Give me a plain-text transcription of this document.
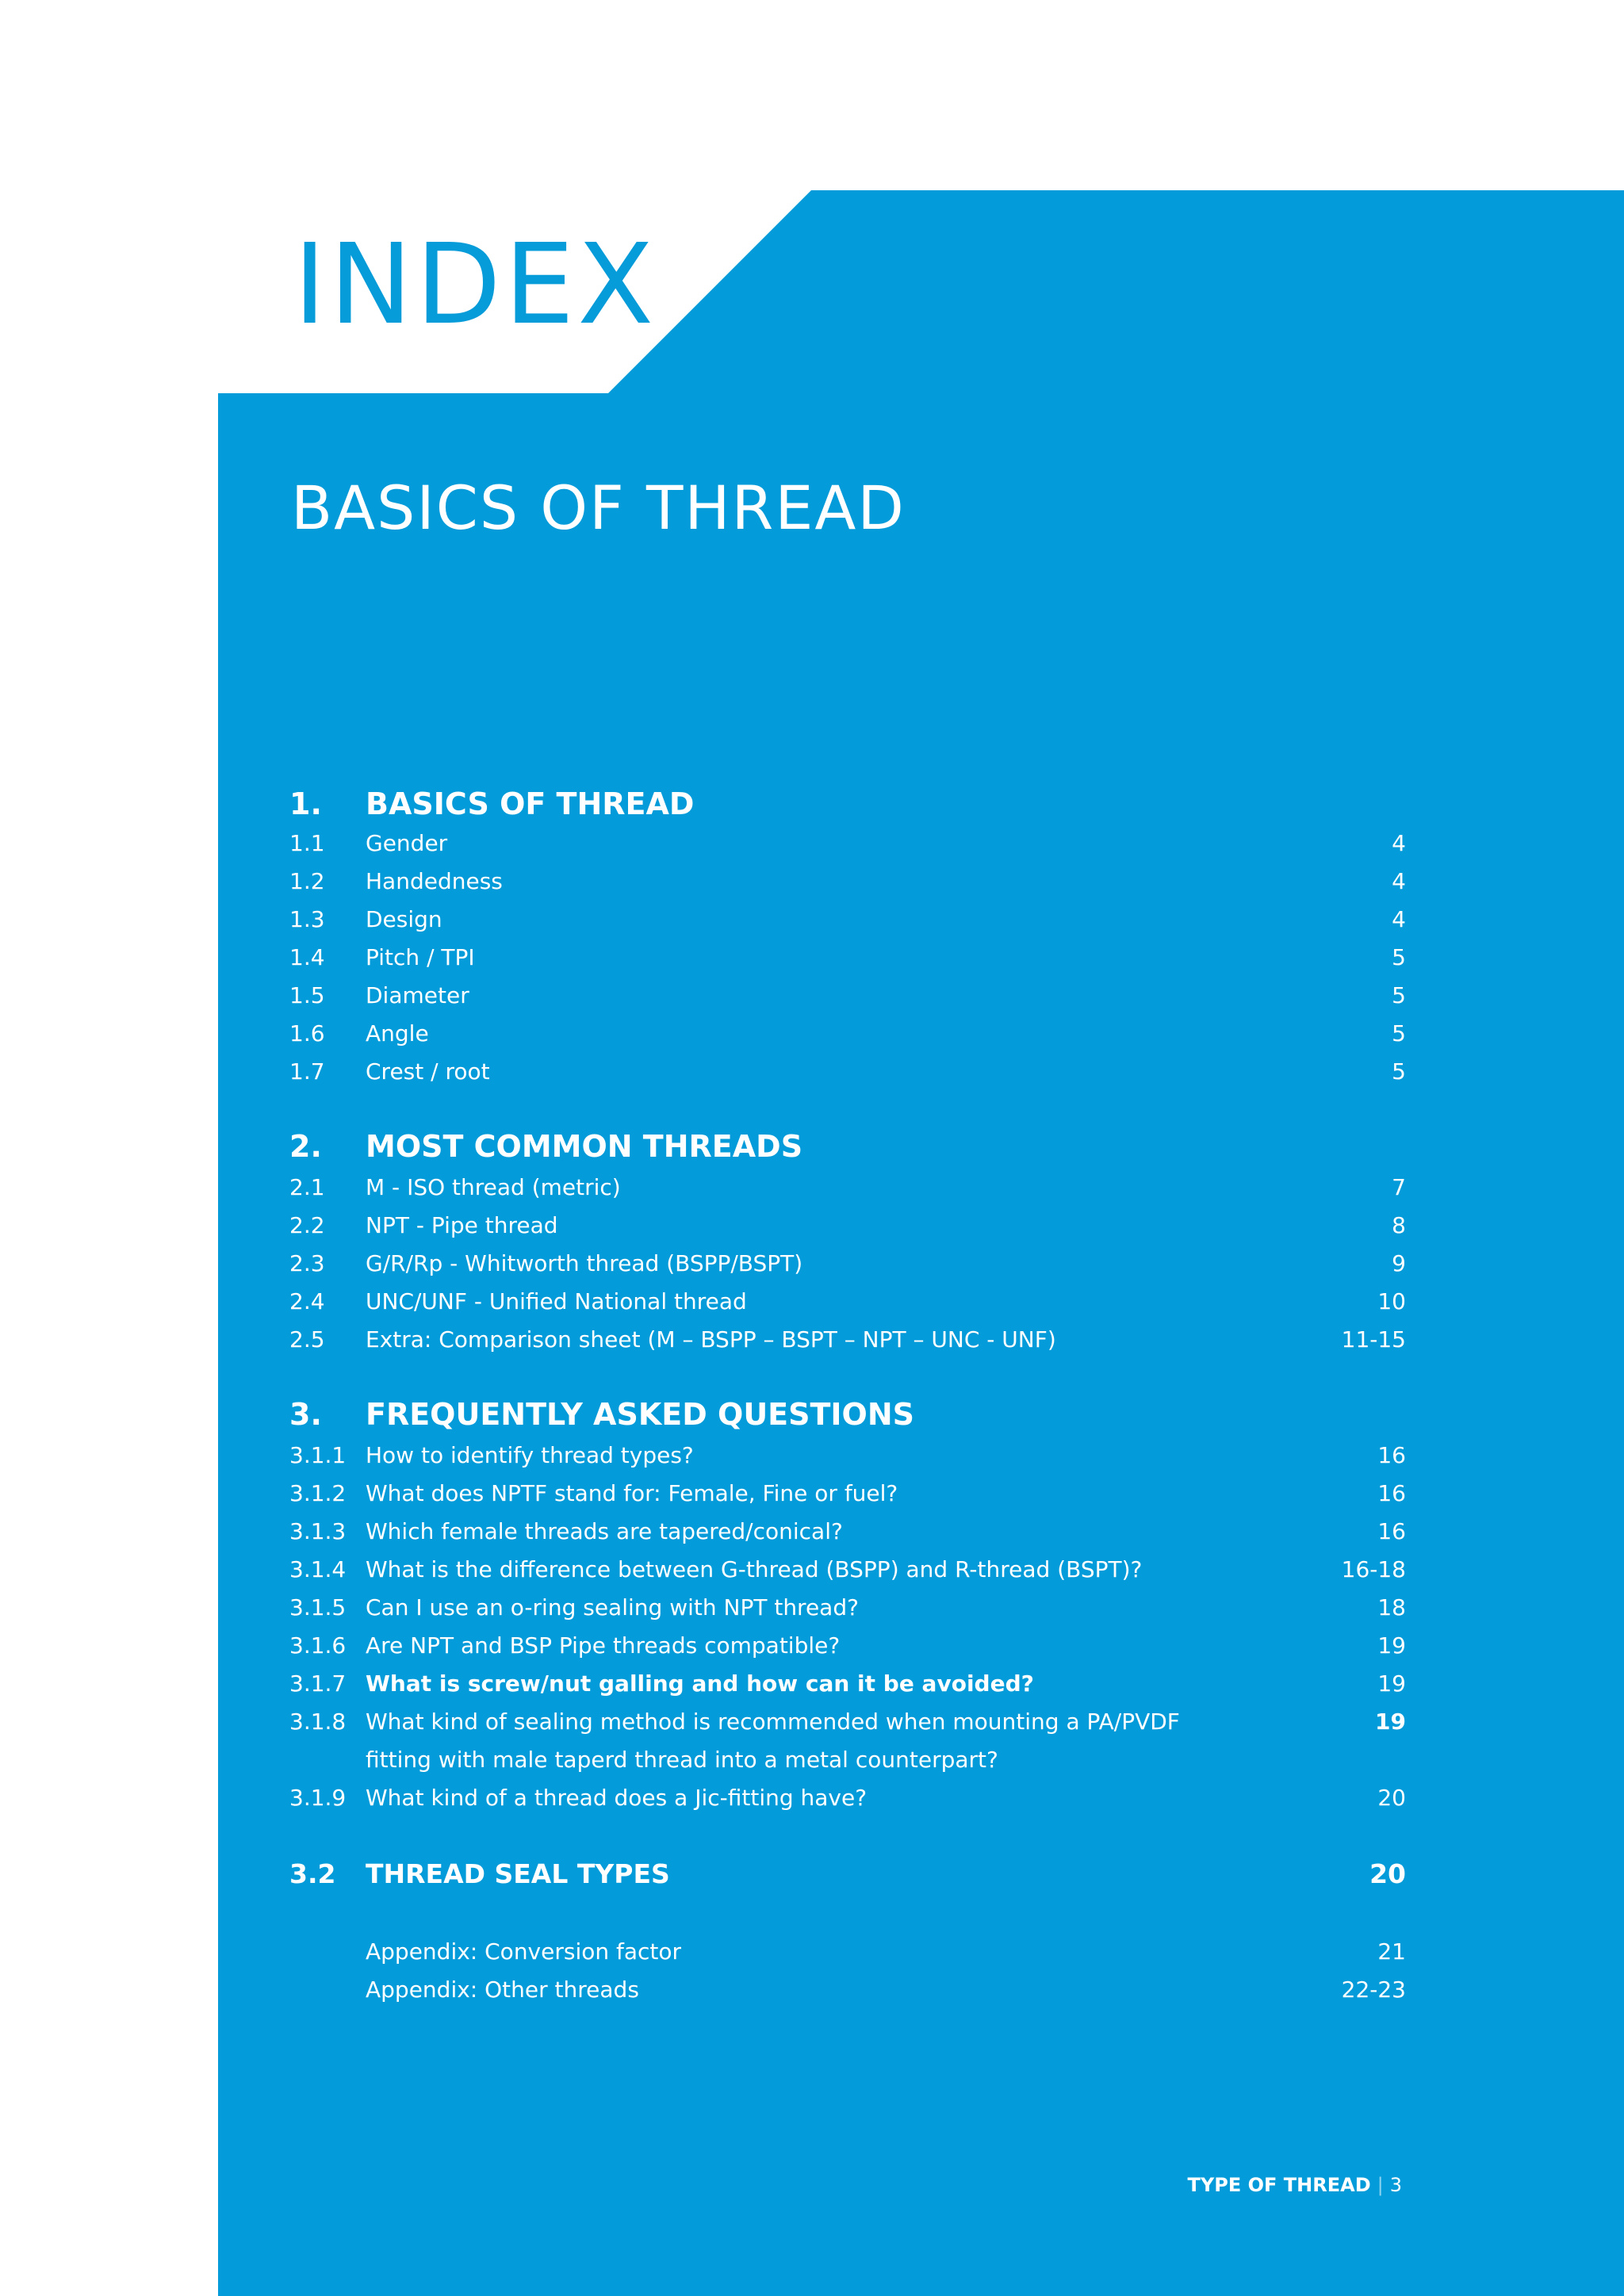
INDEX
BASICS OF THREAD
1. BASICS OF THREAD
1.1 Gender	4
1.2 Handedness	4
1.3 Design	4
1.4 Pitch / TPI	5
1.5 Diameter	5
1.6 Angle	5
1.7 Crest / root	5
2. MOST COMMON THREADS
2.1 M - ISO thread (metric)	7
2.2 NPT - Pipe thread	8
2.3 G/R/Rp - Whitworth thread (BSPP/BSPT)	9
2.4 UNC/UNF - Unified National thread	10
2.5 Extra: Comparison sheet (M – BSPP – BSPT – NPT – UNC - UNF)	11-15
3. FREQUENTLY ASKED QUESTIONS
3.1.1 How to identify thread types?	16
3.1.2 What does NPTF stand for: Female, Fine or fuel?	16
3.1.3 Which female threads are tapered/conical?	16
3.1.4 What is the difference between G-thread (BSPP) and R-thread (BSPT)?	16-18
3.1.5 Can I use an o-ring sealing with NPT thread?	18
3.1.6 Are NPT and BSP Pipe threads compatible?	19
3.1.7 What is screw/nut galling and how can it be avoided?	19
3.1.8 What kind of sealing method is recommended when mounting a PA/PVDF	19
fitting with male taperd thread into a metal counterpart?
3.1.9 What kind of a thread does a Jic-fitting have?	20
3.2 THREAD SEAL TYPES	20
Appendix: Conversion factor	21
Appendix: Other threads	22-23
TYPE OF THREAD | 3
